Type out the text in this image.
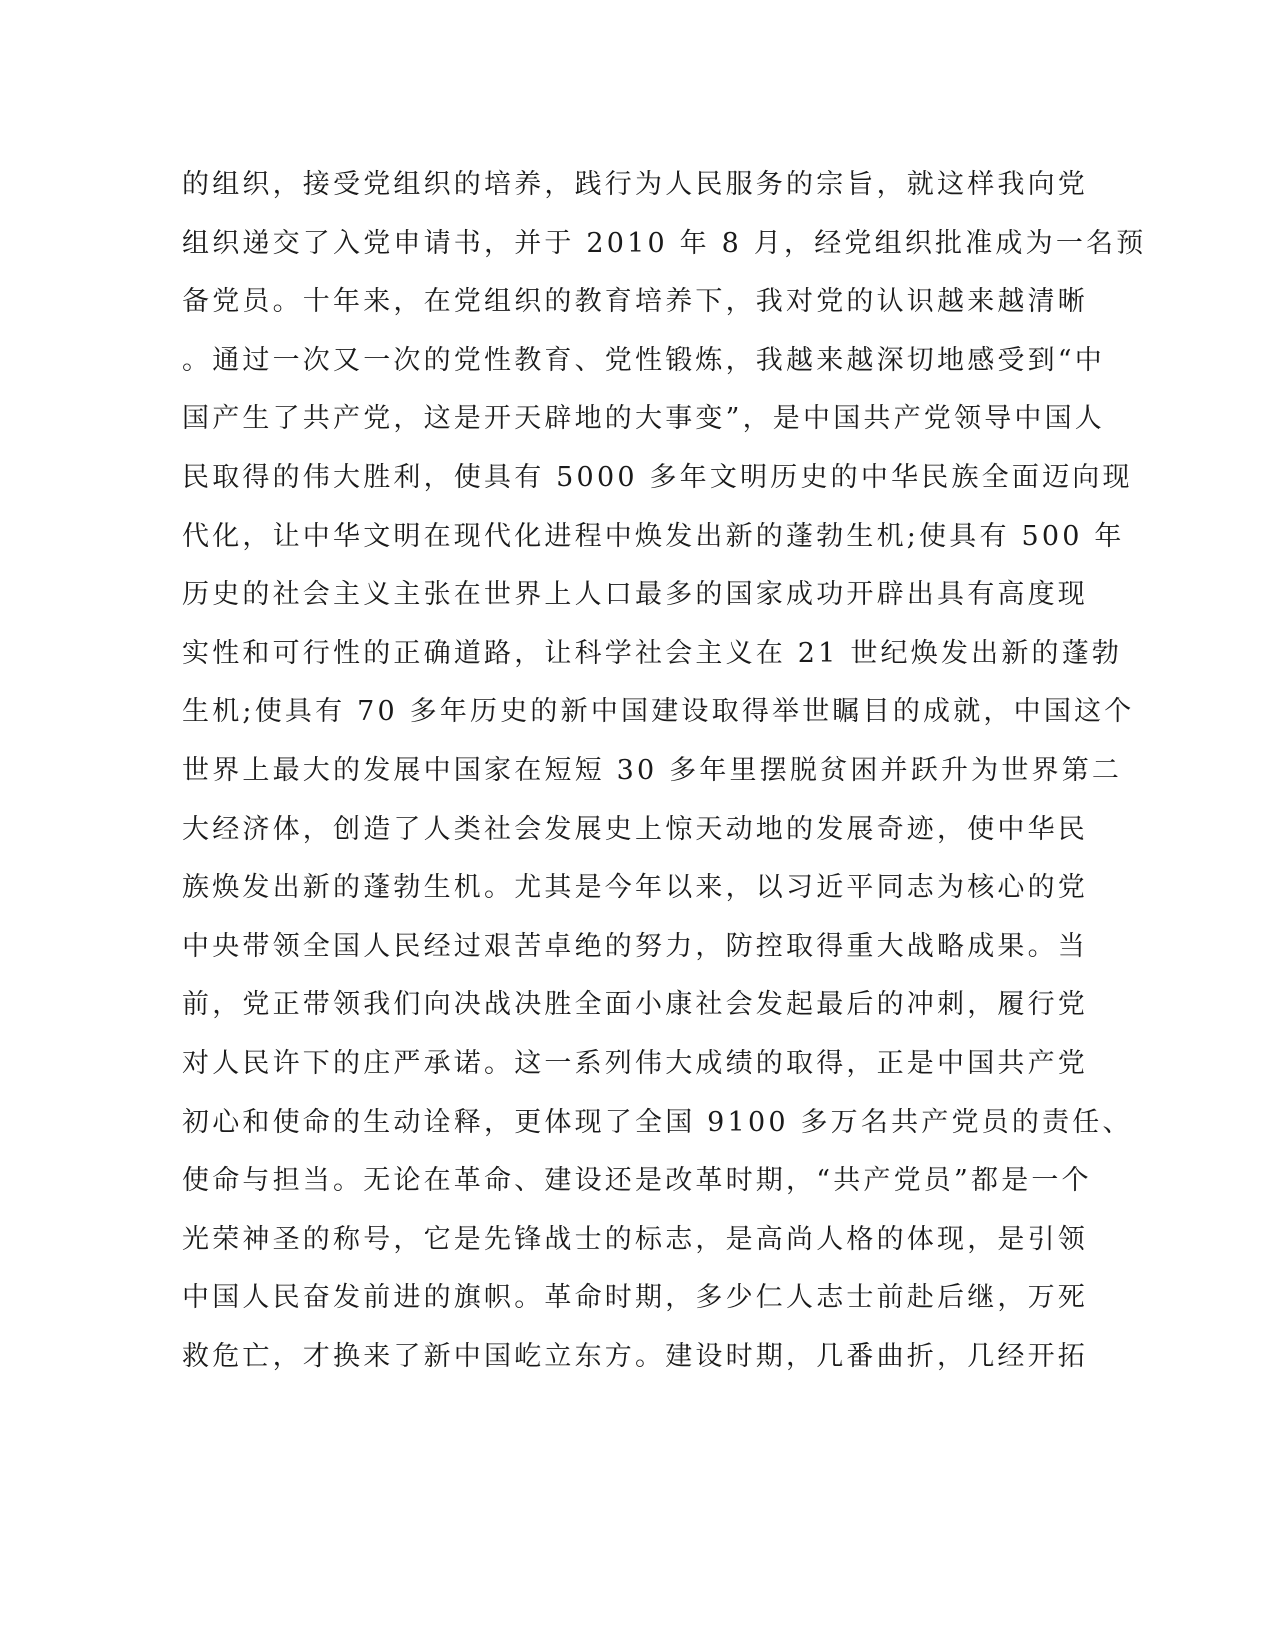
的组织，接受党组织的培养，践行为人民服务的宗旨，就这样我向党
组织递交了入党申请书，并于 2010 年 8 月，经党组织批准成为一名预
备党员。十年来，在党组织的教育培养下，我对党的认识越来越清晰
。通过一次又一次的党性教育、党性锻炼，我越来越深切地感受到“中
国产生了共产党，这是开天辟地的大事变”，是中国共产党领导中国人
民取得的伟大胜利，使具有 5000 多年文明历史的中华民族全面迈向现
代化，让中华文明在现代化进程中焕发出新的蓬勃生机;使具有 500 年
历史的社会主义主张在世界上人口最多的国家成功开辟出具有高度现
实性和可行性的正确道路，让科学社会主义在 21 世纪焕发出新的蓬勃
生机;使具有 70 多年历史的新中国建设取得举世瞩目的成就，中国这个
世界上最大的发展中国家在短短 30 多年里摆脱贫困并跃升为世界第二
大经济体，创造了人类社会发展史上惊天动地的发展奇迹，使中华民
族焕发出新的蓬勃生机。尤其是今年以来，以习近平同志为核心的党
中央带领全国人民经过艰苦卓绝的努力，防控取得重大战略成果。当
前，党正带领我们向决战决胜全面小康社会发起最后的冲刺，履行党
对人民许下的庄严承诺。这一系列伟大成绩的取得，正是中国共产党
初心和使命的生动诠释，更体现了全国 9100 多万名共产党员的责任、
使命与担当。无论在革命、建设还是改革时期，“共产党员”都是一个
光荣神圣的称号，它是先锋战士的标志，是高尚人格的体现，是引领
中国人民奋发前进的旗帜。革命时期，多少仁人志士前赴后继，万死
救危亡，才换来了新中国屹立东方。建设时期，几番曲折，几经开拓
